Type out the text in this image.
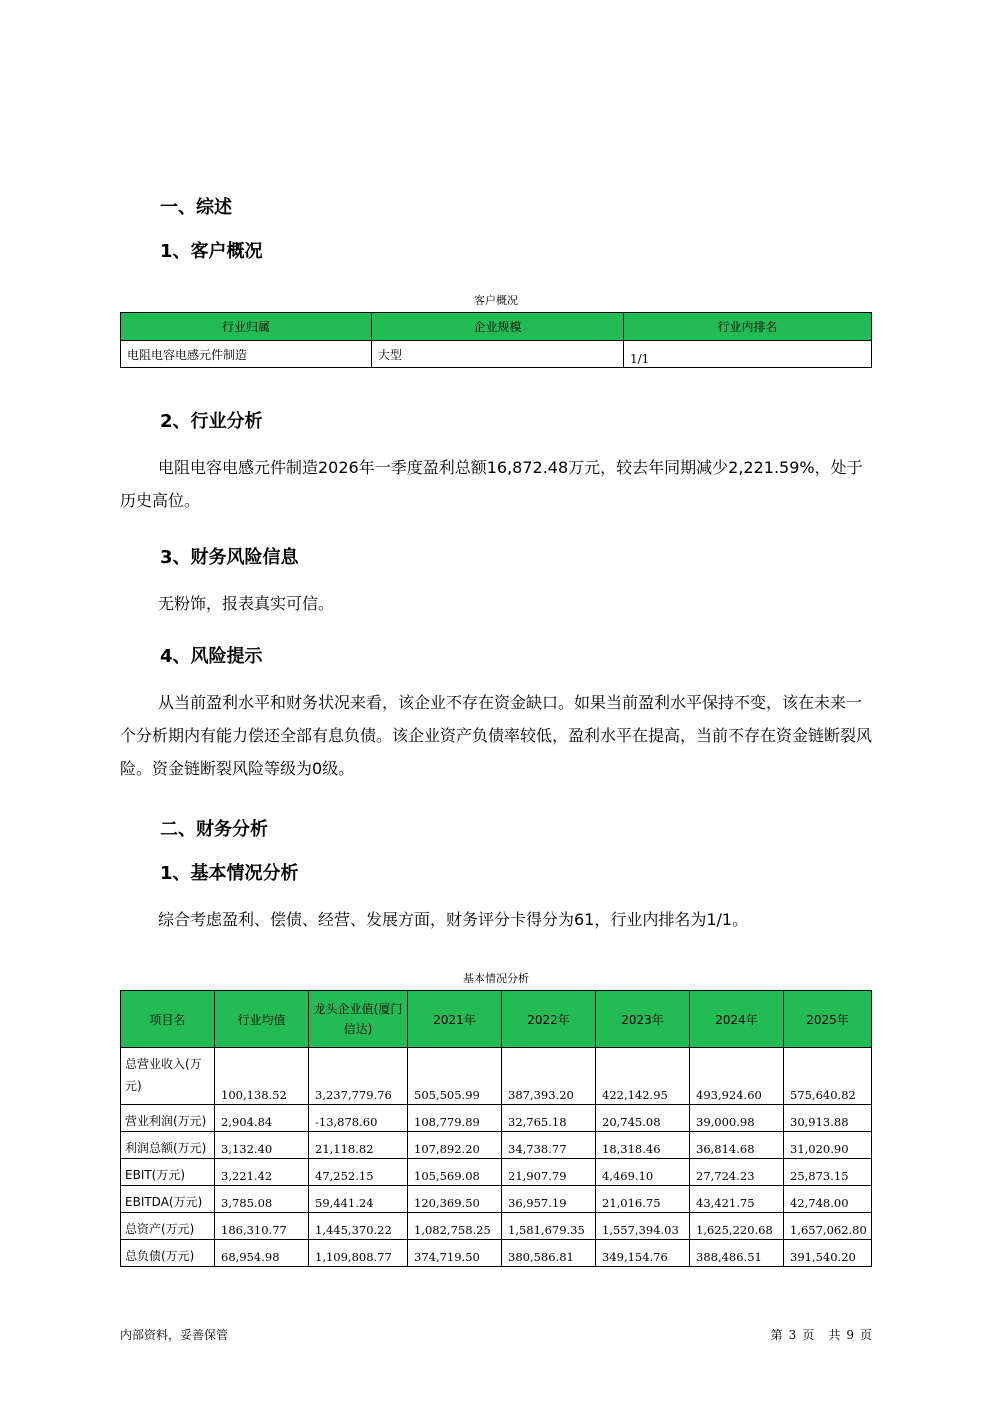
一、综述
1、客户概况
客户概况
行业归属	企业规模	行业内排名
电阻电容电感元件制造	大型	1/1
2、行业分析
电阻电容电感元件制造2026年一季度盈利总额16,872.48万元，较去年同期减少2,221.59%，处于历史高位。
3、财务风险信息
无粉饰，报表真实可信。
4、风险提示
从当前盈利水平和财务状况来看，该企业不存在资金缺口。如果当前盈利水平保持不变，该在未来一个分析期内有能力偿还全部有息负债。该企业资产负债率较低，盈利水平在提高，当前不存在资金链断裂风险。资金链断裂风险等级为0级。
二、财务分析
1、基本情况分析
综合考虑盈利、偿债、经营、发展方面，财务评分卡得分为61，行业内排名为1/1。
基本情况分析
项目名	行业均值	龙头企业值(厦门信达)	2021年	2022年	2023年	2024年	2025年
总营业收入(万元)	100,138.52	3,237,779.76	505,505.99	387,393.20	422,142.95	493,924.60	575,640.82
营业利润(万元)	2,904.84	-13,878.60	108,779.89	32,765.18	20,745.08	39,000.98	30,913.88
利润总额(万元)	3,132.40	21,118.82	107,892.20	34,738.77	18,318.46	36,814.68	31,020.90
EBIT(万元)	3,221.42	47,252.15	105,569.08	21,907.79	4,469.10	27,724.23	25,873.15
EBITDA(万元)	3,785.08	59,441.24	120,369.50	36,957.19	21,016.75	43,421.75	42,748.00
总资产(万元)	186,310.77	1,445,370.22	1,082,758.25	1,581,679.35	1,557,394.03	1,625,220.68	1,657,062.80
总负债(万元)	68,954.98	1,109,808.77	374,719.50	380,586.81	349,154.76	388,486.51	391,540.20
内部资料，妥善保管	第 3 页 共 9 页
